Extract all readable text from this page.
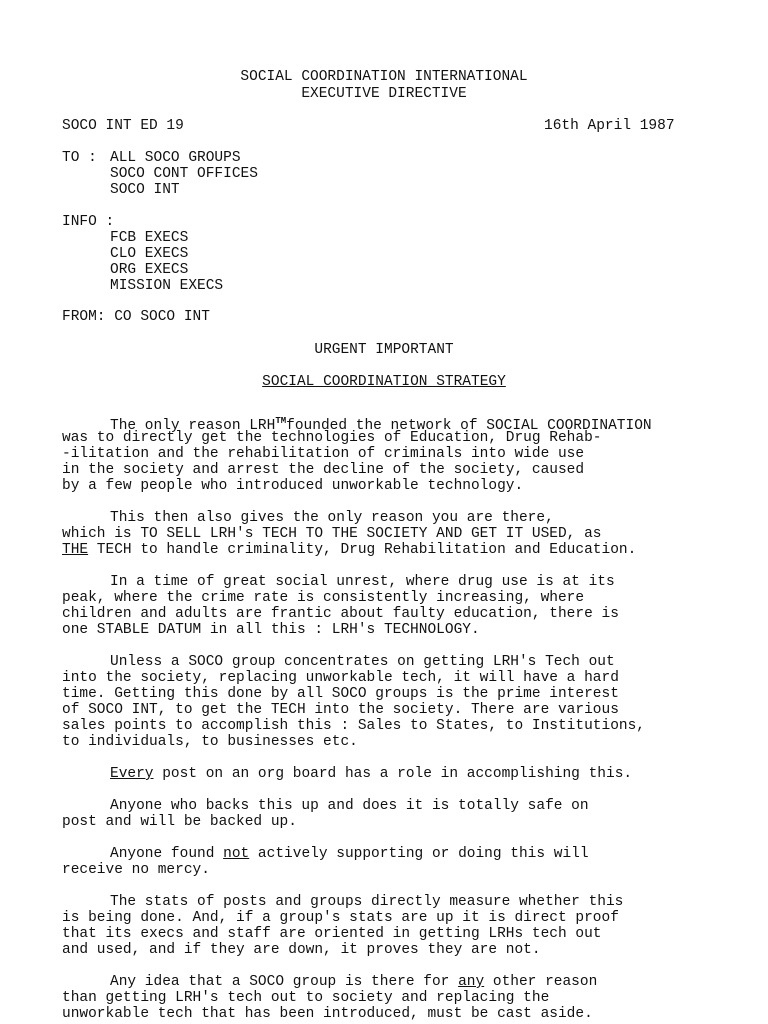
SOCIAL COORDINATION INTERNATIONAL
EXECUTIVE DIRECTIVE
SOCO INT ED 19	16th April 1987
TO : ALL SOCO GROUPS
SOCO CONT OFFICES
SOCO INT
INFO :
FCB EXECS
CLO EXECS
ORG EXECS
MISSION EXECS
FROM: CO SOCO INT
URGENT IMPORTANT
SOCIAL COORDINATION STRATEGY
The only reason LRH™founded the network of SOCIAL COORDINATION
was to directly get the technologies of Education, Drug Rehab-
-ilitation and the rehabilitation of criminals into wide use
in the society and arrest the decline of the society, caused
by a few people who introduced unworkable technology.
This then also gives the only reason you are there,
which is TO SELL LRH's TECH TO THE SOCIETY AND GET IT USED, as
THE TECH to handle criminality, Drug Rehabilitation and Education.
In a time of great social unrest, where drug use is at its
peak, where the crime rate is consistently increasing, where
children and adults are frantic about faulty education, there is
one STABLE DATUM in all this : LRH's TECHNOLOGY.
Unless a SOCO group concentrates on getting LRH's Tech out
into the society, replacing unworkable tech, it will have a hard
time. Getting this done by all SOCO groups is the prime interest
of SOCO INT, to get the TECH into the society. There are various
sales points to accomplish this : Sales to States, to Institutions,
to individuals, to businesses etc.
Every post on an org board has a role in accomplishing this.
Anyone who backs this up and does it is totally safe on
post and will be backed up.
Anyone found not actively supporting or doing this will
receive no mercy.
The stats of posts and groups directly measure whether this
is being done. And, if a group's stats are up it is direct proof
that its execs and staff are oriented in getting LRHs tech out
and used, and if they are down, it proves they are not.
Any idea that a SOCO group is there for any other reason
than getting LRH's tech out to society and replacing the
unworkable tech that has been introduced, must be cast aside.
